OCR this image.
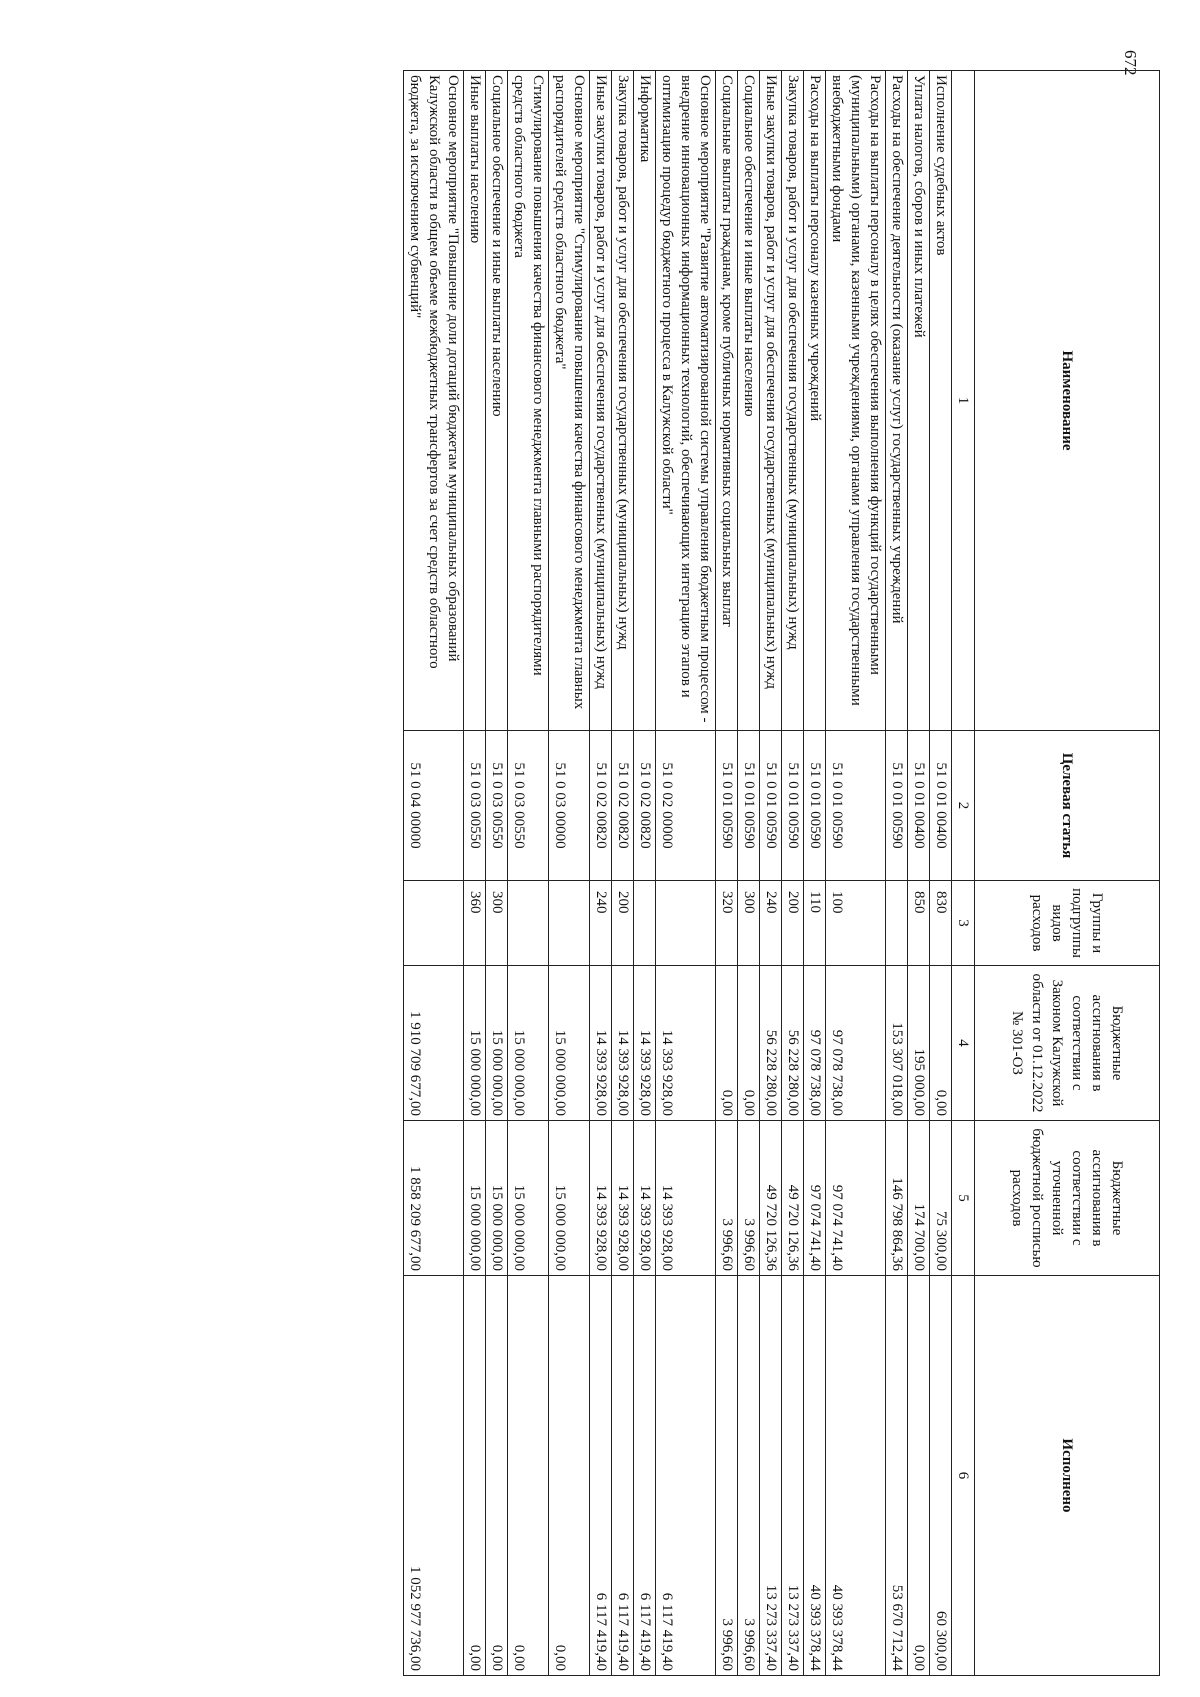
672
Наименование	Целевая статья	Группы и подгруппы видов расходов	Бюджетные ассигнования в соответствии с Законом Калужской области от 01.12.2022 № 301-ОЗ	Бюджетные ассигнования в соответствии с уточненной бюджетной росписью расходов	Исполнено
1	2	3	4	5	6
Исполнение судебных актов	51 0 01 00400	830	0,00	75 300,00	60 300,00
Уплата налогов, сборов и иных платежей	51 0 01 00400	850	195 000,00	174 700,00	0,00
Расходы на обеспечение деятельности (оказание услуг) государственных учреждений	51 0 01 00590		153 307 018,00	146 798 864,36	53 670 712,44
Расходы на выплаты персоналу в целях обеспечения выполнения функций государственными (муниципальными) органами, казенными учреждениями, органами управления государственными внебюджетными фондами	51 0 01 00590	100	97 078 738,00	97 074 741,40	40 393 378,44
Расходы на выплаты персоналу казенных учреждений	51 0 01 00590	110	97 078 738,00	97 074 741,40	40 393 378,44
Закупка товаров, работ и услуг для обеспечения государственных (муниципальных) нужд	51 0 01 00590	200	56 228 280,00	49 720 126,36	13 273 337,40
Иные закупки товаров, работ и услуг для обеспечения государственных (муниципальных) нужд	51 0 01 00590	240	56 228 280,00	49 720 126,36	13 273 337,40
Социальное обеспечение и иные выплаты населению	51 0 01 00590	300	0,00	3 996,60	3 996,60
Социальные выплаты гражданам, кроме публичных нормативных социальных выплат	51 0 01 00590	320	0,00	3 996,60	3 996,60
Основное мероприятие "Развитие автоматизированной системы управления бюджетным процессом - внедрение инновационных информационных технологий, обеспечивающих интеграцию этапов и оптимизацию процедур бюджетного процесса в Калужской области"	51 0 02 00000		14 393 928,00	14 393 928,00	6 117 419,40
Информатика	51 0 02 00820		14 393 928,00	14 393 928,00	6 117 419,40
Закупка товаров, работ и услуг для обеспечения государственных (муниципальных) нужд	51 0 02 00820	200	14 393 928,00	14 393 928,00	6 117 419,40
Иные закупки товаров, работ и услуг для обеспечения государственных (муниципальных) нужд	51 0 02 00820	240	14 393 928,00	14 393 928,00	6 117 419,40
Основное мероприятие "Стимулирование повышения качества финансового менеджмента главных распорядителей средств областного бюджета"	51 0 03 00000		15 000 000,00	15 000 000,00	0,00
Стимулирование повышения качества финансового менеджмента главными распорядителями средств областного бюджета	51 0 03 00550		15 000 000,00	15 000 000,00	0,00
Социальное обеспечение и иные выплаты населению	51 0 03 00550	300	15 000 000,00	15 000 000,00	0,00
Иные выплаты населению	51 0 03 00550	360	15 000 000,00	15 000 000,00	0,00
Основное мероприятие "Повышение доли дотаций бюджетам муниципальных образований Калужской области в общем объеме межбюджетных трансфертов за счет средств областного бюджета, за исключением субвенций"	51 0 04 00000		1 910 709 677,00	1 858 209 677,00	1 052 977 736,00
